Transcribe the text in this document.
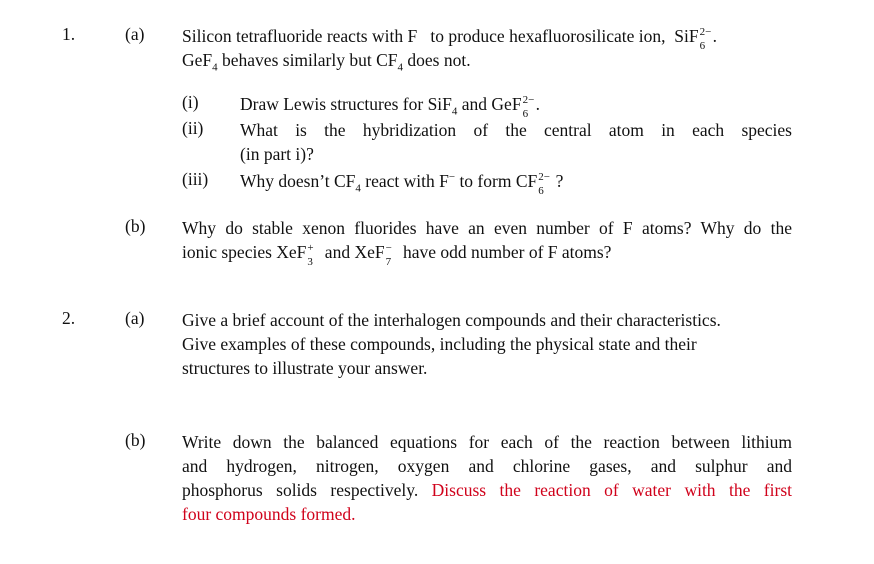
1.	(a) Silicon tetrafluoride reacts with F to produce hexafluorosilicate ion, SiF 2−
6 .
GeF$_4$ behaves similarly but $CF_4$ does not.
(i) Draw Lewis structures for SiF$_4$ and GeF 2−
6 .
(ii) What is the hybridization of the central atom in each species
(in part i)?
(iii) Why doesn’t $CF_4$ react with F− to form CF 2−
6 ?
(b) Why do stable xenon fluorides have an even number of F atoms? Why do the
ionic species XeF +
3 and XeF −
7 have odd number of F atoms?
2.	(a) Give a brief account of the interhalogen compounds and their characteristics.
Give examples of these compounds, including the physical state and their
structures to illustrate your answer.
(b) Write down the balanced equations for each of the reaction between lithium
and hydrogen, nitrogen, oxygen and chlorine gases, and sulphur and
phosphorus solids respectively. Discuss the reaction of water with the first
four compounds formed.
